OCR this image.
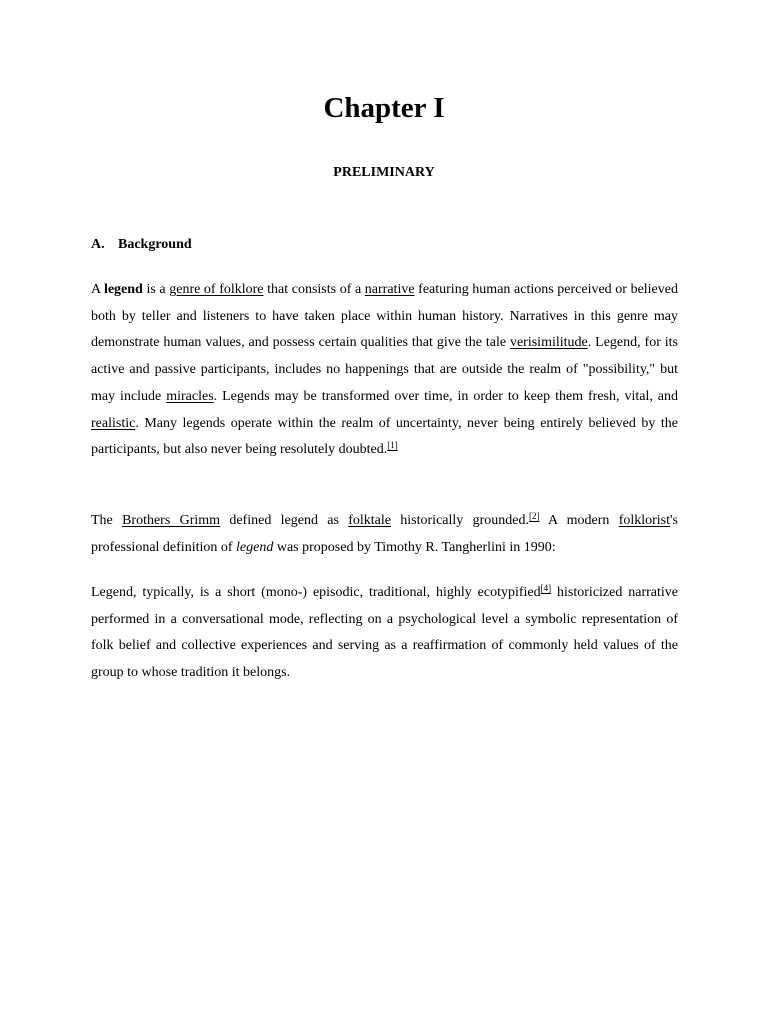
Chapter I
PRELIMINARY
A. Background

A legend is a genre of folklore that consists of a narrative featuring human actions perceived or believed both by teller and listeners to have taken place within human history. Narratives in this genre may demonstrate human values, and possess certain qualities that give the tale verisimilitude. Legend, for its active and passive participants, includes no happenings that are outside the realm of "possibility," but may include miracles. Legends may be transformed over time, in order to keep them fresh, vital, and realistic. Many legends operate within the realm of uncertainty, never being entirely believed by the participants, but also never being resolutely doubted.[1]

The Brothers Grimm defined legend as folktale historically grounded.[2] A modern folklorist's professional definition of legend was proposed by Timothy R. Tangherlini in 1990:

Legend, typically, is a short (mono-) episodic, traditional, highly ecotypified[4] historicized narrative performed in a conversational mode, reflecting on a psychological level a symbolic representation of folk belief and collective experiences and serving as a reaffirmation of commonly held values of the group to whose tradition it belongs.
